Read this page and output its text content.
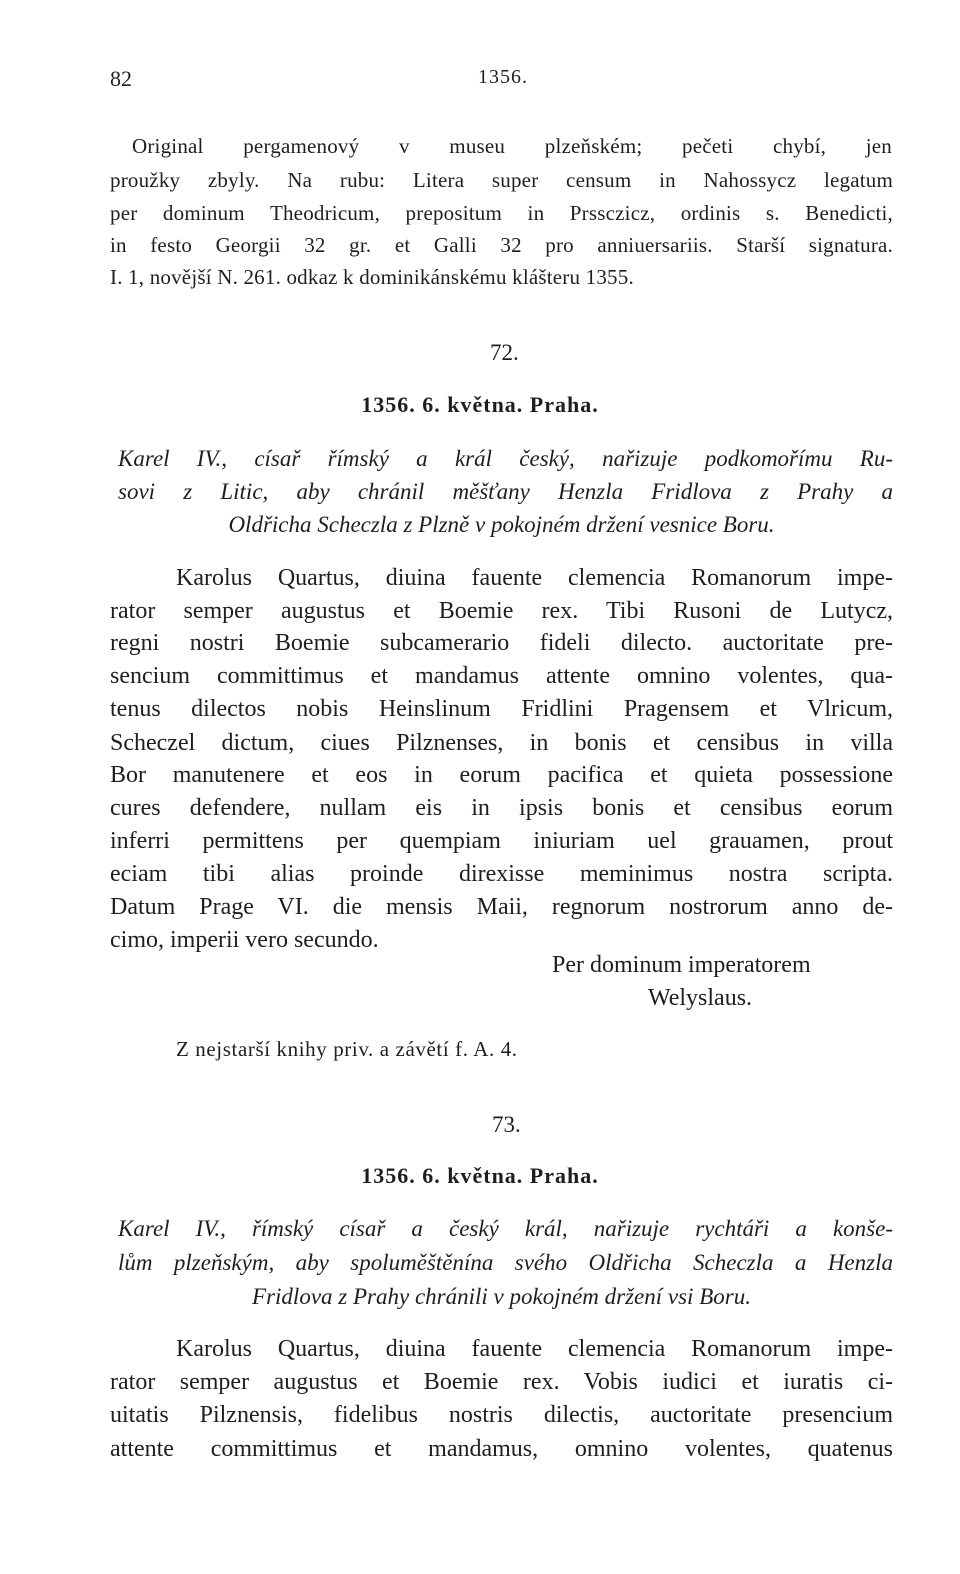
82	1356.
Original pergamenový v museu plzeňském; pečeti chybí, jen
proužky zbyly. Na rubu: Litera super censum in Nahossycz legatum
per dominum Theodricum, prepositum in Prssczicz, ordinis s. Benedicti,
in festo Georgii 32 gr. et Galli 32 pro anniuersariis. Starší signatura.
I. 1, novější N. 261. odkaz k dominikánskému klášteru 1355.
72.
1356. 6. května. Praha.
Karel IV., císař římský a král český, nařizuje podkomořímu Ru-
sovi z Litic, aby chránil měšťany Henzla Fridlova z Prahy a
Oldřicha Scheczla z Plzně v pokojném držení vesnice Boru.
Karolus Quartus, diuina fauente clemencia Romanorum impe-
rator semper augustus et Boemie rex. Tibi Rusoni de Lutycz,
regni nostri Boemie subcamerario fideli dilecto. auctoritate pre-
sencium committimus et mandamus attente omnino volentes, qua-
tenus dilectos nobis Heinslinum Fridlini Pragensem et Vlricum,
Scheczel dictum, ciues Pilznenses, in bonis et censibus in villa
Bor manutenere et eos in eorum pacifica et quieta possessione
cures defendere, nullam eis in ipsis bonis et censibus eorum
inferri permittens per quempiam iniuriam uel grauamen, prout
eciam tibi alias proinde direxisse meminimus nostra scripta.
Datum Prage VI. die mensis Maii, regnorum nostrorum anno de-
cimo, imperii vero secundo.
Per dominum imperatorem
Welyslaus.
Z nejstarší knihy priv. a závětí f. A. 4.
73.
1356. 6. května. Praha.
Karel IV., římský císař a český král, nařizuje rychtáři a konše-
lům plzeňským, aby spoluměštěnína svého Oldřicha Scheczla a Henzla
Fridlova z Prahy chránili v pokojném držení vsi Boru.
Karolus Quartus, diuina fauente clemencia Romanorum impe-
rator semper augustus et Boemie rex. Vobis iudici et iuratis ci-
uitatis Pilznensis, fidelibus nostris dilectis, auctoritate presencium
attente committimus et mandamus, omnino volentes, quatenus
